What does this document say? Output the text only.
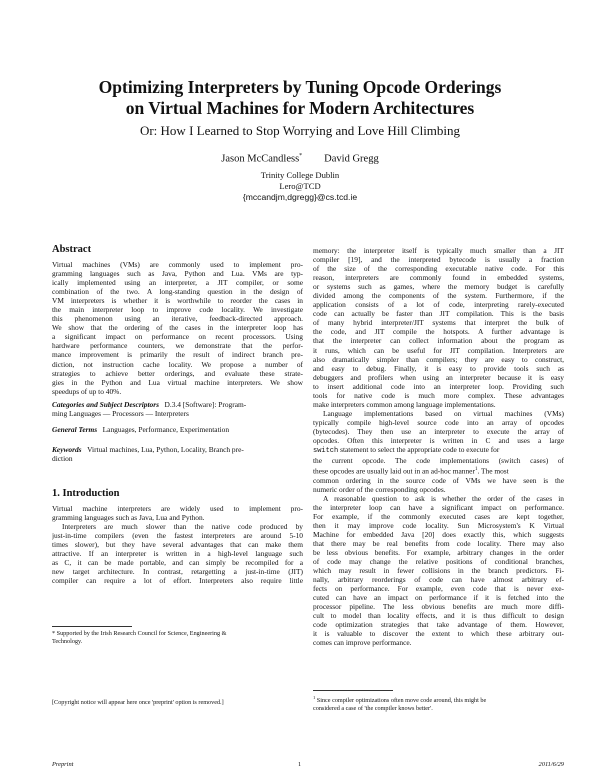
Optimizing Interpreters by Tuning Opcode Orderings
on Virtual Machines for Modern Architectures
Or: How I Learned to Stop Worrying and Love Hill Climbing
Jason McCandless* David Gregg
Trinity College Dublin
Lero@TCD
{mccandjm,dgregg}@cs.tcd.ie
Abstract
Virtual machines (VMs) are commonly used to implement pro-
gramming languages such as Java, Python and Lua. VMs are typ-
ically implemented using an interpreter, a JIT compiler, or some
combination of the two. A long-standing question in the design of
VM interpreters is whether it is worthwhile to reorder the cases in
the main interpreter loop to improve code locality. We investigate
this phenomenon using an iterative, feedback-directed approach.
We show that the ordering of the cases in the interpreter loop has
a significant impact on performance on recent processors. Using
hardware performance counters, we demonstrate that the perfor-
mance improvement is primarily the result of indirect branch pre-
diction, not instruction cache locality. We propose a number of
strategies to achieve better orderings, and evaluate these strate-
gies in the Python and Lua virtual machine interpreters. We show
speedups of up to 40%.
Categories and Subject Descriptors D.3.4 [Software]: Program-
ming Languages — Processors — Interpreters
General Terms Languages, Performance, Experimentation
Keywords Virtual machines, Lua, Python, Locality, Branch pre-
diction
1. Introduction
Virtual machine interpreters are widely used to implement pro-
gramming languages such as Java, Lua and Python.
Interpreters are much slower than the native code produced by
just-in-time compilers (even the fastest interpreters are around 5-10
times slower), but they have several advantages that can make them
attractive. If an interpreter is written in a high-level language such
as C, it can be made portable, and can simply be recompiled for a
new target architecture. In contrast, retargetting a just-in-time (JIT)
compiler can require a lot of effort. Interpreters also require little
* Supported by the Irish Research Council for Science, Engineering &
Technology.
[Copyright notice will appear here once 'preprint' option is removed.]
memory: the interpreter itself is typically much smaller than a JIT
compiler [19], and the interpreted bytecode is usually a fraction
of the size of the corresponding executable native code. For this
reason, interpreters are commonly found in embedded systems,
or systems such as games, where the memory budget is carefully
divided among the components of the system. Furthermore, if the
application consists of a lot of code, interpreting rarely-executed
code can actually be faster than JIT compilation. This is the basis
of many hybrid interpreter/JIT systems that interpret the bulk of
the code, and JIT compile the hotspots. A further advantage is
that the interpreter can collect information about the program as
it runs, which can be useful for JIT compilation. Interpreters are
also dramatically simpler than compilers; they are easy to construct,
and easy to debug. Finally, it is easy to provide tools such as
debuggers and profilers when using an interpreter because it is easy
to insert additional code into an interpreter loop. Providing such
tools for native code is much more complex. These advantages
make interpreters common among language implementations.
Language implementations based on virtual machines (VMs)
typically compile high-level source code into an array of opcodes
(bytecodes). They then use an interpreter to execute the array of
opcodes. Often this interpreter is written in C and uses a large
switch statement to select the appropriate code to execute for
the current opcode. The code implementations (switch cases) of
these opcodes are usually laid out in an ad-hoc manner$^1$. The most
common ordering in the source code of VMs we have seen is the
numeric order of the corresponding opcodes.
A reasonable question to ask is whether the order of the cases in
the interpreter loop can have a significant impact on performance.
For example, if the commonly executed cases are kept together,
then it may improve code locality. Sun Microsystem's K Virtual
Machine for embedded Java [20] does exactly this, which suggests
that there may be real benefits from code locality. There may also
be less obvious benefits. For example, arbitrary changes in the order
of code may change the relative positions of conditional branches,
which may result in fewer collisions in the branch predictors. Fi-
nally, arbitrary reorderings of code can have almost arbitrary ef-
fects on performance. For example, even code that is never exe-
cuted can have an impact on performance if it is fetched into the
processor pipeline. The less obvious benefits are much more diffi-
cult to model than locality effects, and it is thus difficult to design
code optimization strategies that take advantage of them. However,
it is valuable to discover the extent to which these arbitrary out-
comes can improve performance.
$^1$ Since compiler optimizations often move code around, this might be
considered a case of 'the compiler knows better'.
Preprint	1	2011/6/29
